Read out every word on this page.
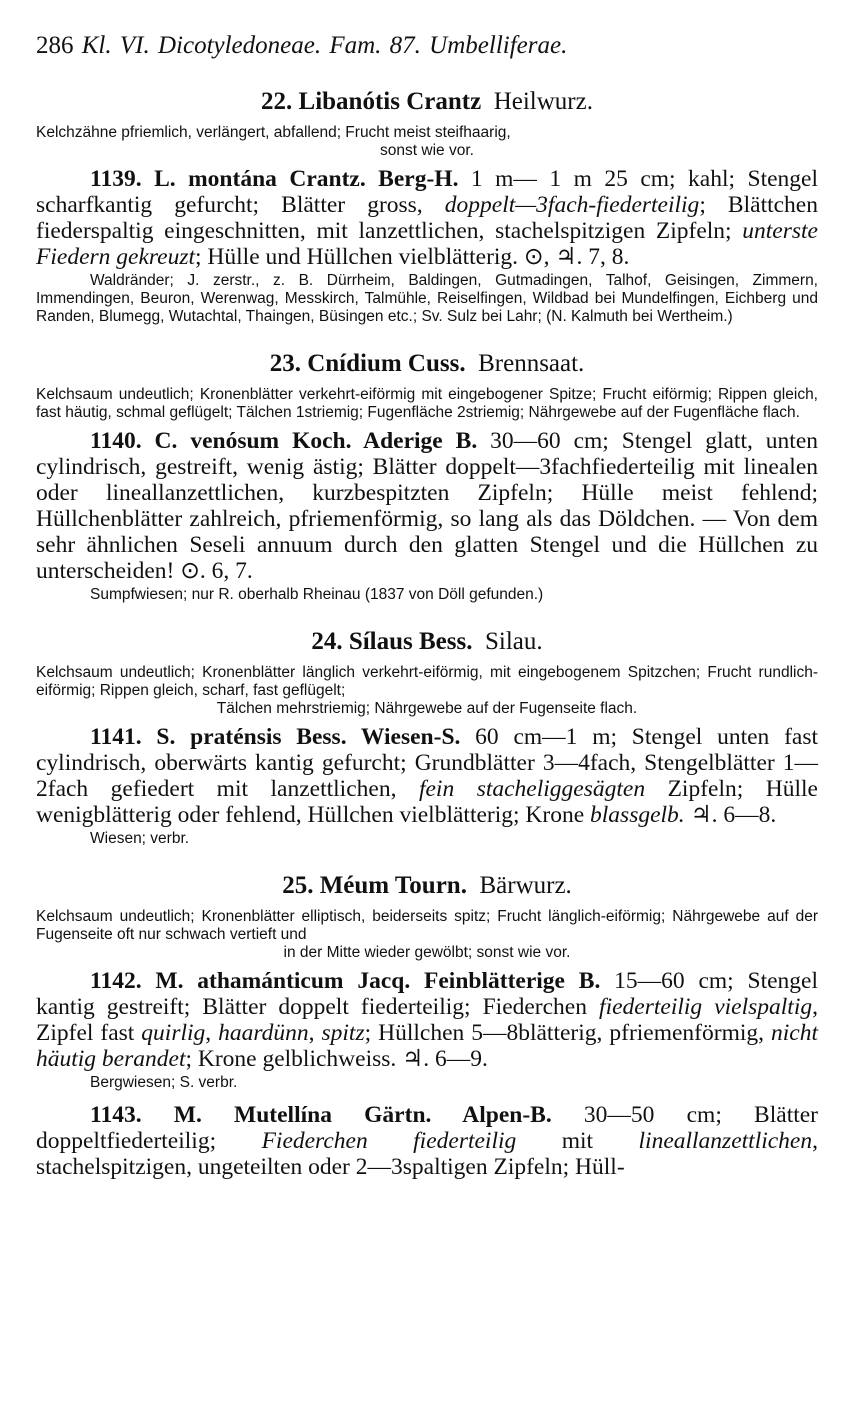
286 Kl. VI. Dicotyledoneae. Fam. 87. Umbelliferae.
22. Libanótis Crantz Heilwurz.
Kelchzähne pfriemlich, verlängert, abfallend; Frucht meist steifhaarig,
sonst wie vor.
1139. L. montána Crantz. Berg-H. 1 m— 1 m 25 cm; kahl; Stengel scharfkantig gefurcht; Blätter gross, doppelt—3fach-fiederteilig; Blättchen fiederspaltig eingeschnitten, mit lanzettlichen, stachelspitzigen Zipfeln; unterste Fiedern gekreuzt; Hülle und Hüllchen vielblätterig. ⊙, ♃. 7, 8.
Waldränder; J. zerstr., z. B. Dürrheim, Baldingen, Gutmadingen, Talhof, Geisingen, Zimmern, Immendingen, Beuron, Werenwag, Messkirch, Talmühle, Reiselfingen, Wildbad bei Mundelfingen, Eichberg und Randen, Blumegg, Wutachtal, Thaingen, Büsingen etc.; Sv. Sulz bei Lahr; (N. Kalmuth bei Wertheim.)
23. Cnídium Cuss. Brennsaat.
Kelchsaum undeutlich; Kronenblätter verkehrt-eiförmig mit eingebogener Spitze; Frucht eiförmig; Rippen gleich, fast häutig, schmal geflügelt; Tälchen 1striemig; Fugenfläche 2striemig; Nährgewebe auf der Fugenfläche flach.
1140. C. venósum Koch. Aderige B. 30—60 cm; Stengel glatt, unten cylindrisch, gestreift, wenig ästig; Blätter doppelt—3fachfiederteilig mit linealen oder lineallanzettlichen, kurzbespitzten Zipfeln; Hülle meist fehlend; Hüllchenblätter zahlreich, pfriemenförmig, so lang als das Döldchen. — Von dem sehr ähnlichen Seseli annuum durch den glatten Stengel und die Hüllchen zu unterscheiden! ⊙. 6, 7.
Sumpfwiesen; nur R. oberhalb Rheinau (1837 von Döll gefunden.)
24. Sílaus Bess. Silau.
Kelchsaum undeutlich; Kronenblätter länglich verkehrt-eiförmig, mit eingebogenem Spitzchen; Frucht rundlich-eiförmig; Rippen gleich, scharf, fast geflügelt;
Tälchen mehrstriemig; Nährgewebe auf der Fugenseite flach.
1141. S. praténsis Bess. Wiesen-S. 60 cm—1 m; Stengel unten fast cylindrisch, oberwärts kantig gefurcht; Grundblätter 3—4fach, Stengelblätter 1—2fach gefiedert mit lanzettlichen, fein stacheliggesägten Zipfeln; Hülle wenigblätterig oder fehlend, Hüllchen vielblätterig; Krone blassgelb. ♃. 6—8.
Wiesen; verbr.
25. Méum Tourn. Bärwurz.
Kelchsaum undeutlich; Kronenblätter elliptisch, beiderseits spitz; Frucht länglich-eiförmig; Nährgewebe auf der Fugenseite oft nur schwach vertieft und
in der Mitte wieder gewölbt; sonst wie vor.
1142. M. athamánticum Jacq. Feinblätterige B. 15—60 cm; Stengel kantig gestreift; Blätter doppelt fiederteilig; Fiederchen fiederteilig vielspaltig, Zipfel fast quirlig, haardünn, spitz; Hüllchen 5—8blätterig, pfriemenförmig, nicht häutig berandet; Krone gelblichweiss. ♃. 6—9.
Bergwiesen; S. verbr.
1143. M. Mutellína Gärtn. Alpen-B. 30—50 cm; Blätter doppeltfiederteilig; Fiederchen fiederteilig mit lineallanzettlichen, stachelspitzigen, ungeteilten oder 2—3spaltigen Zipfeln; Hüll-
